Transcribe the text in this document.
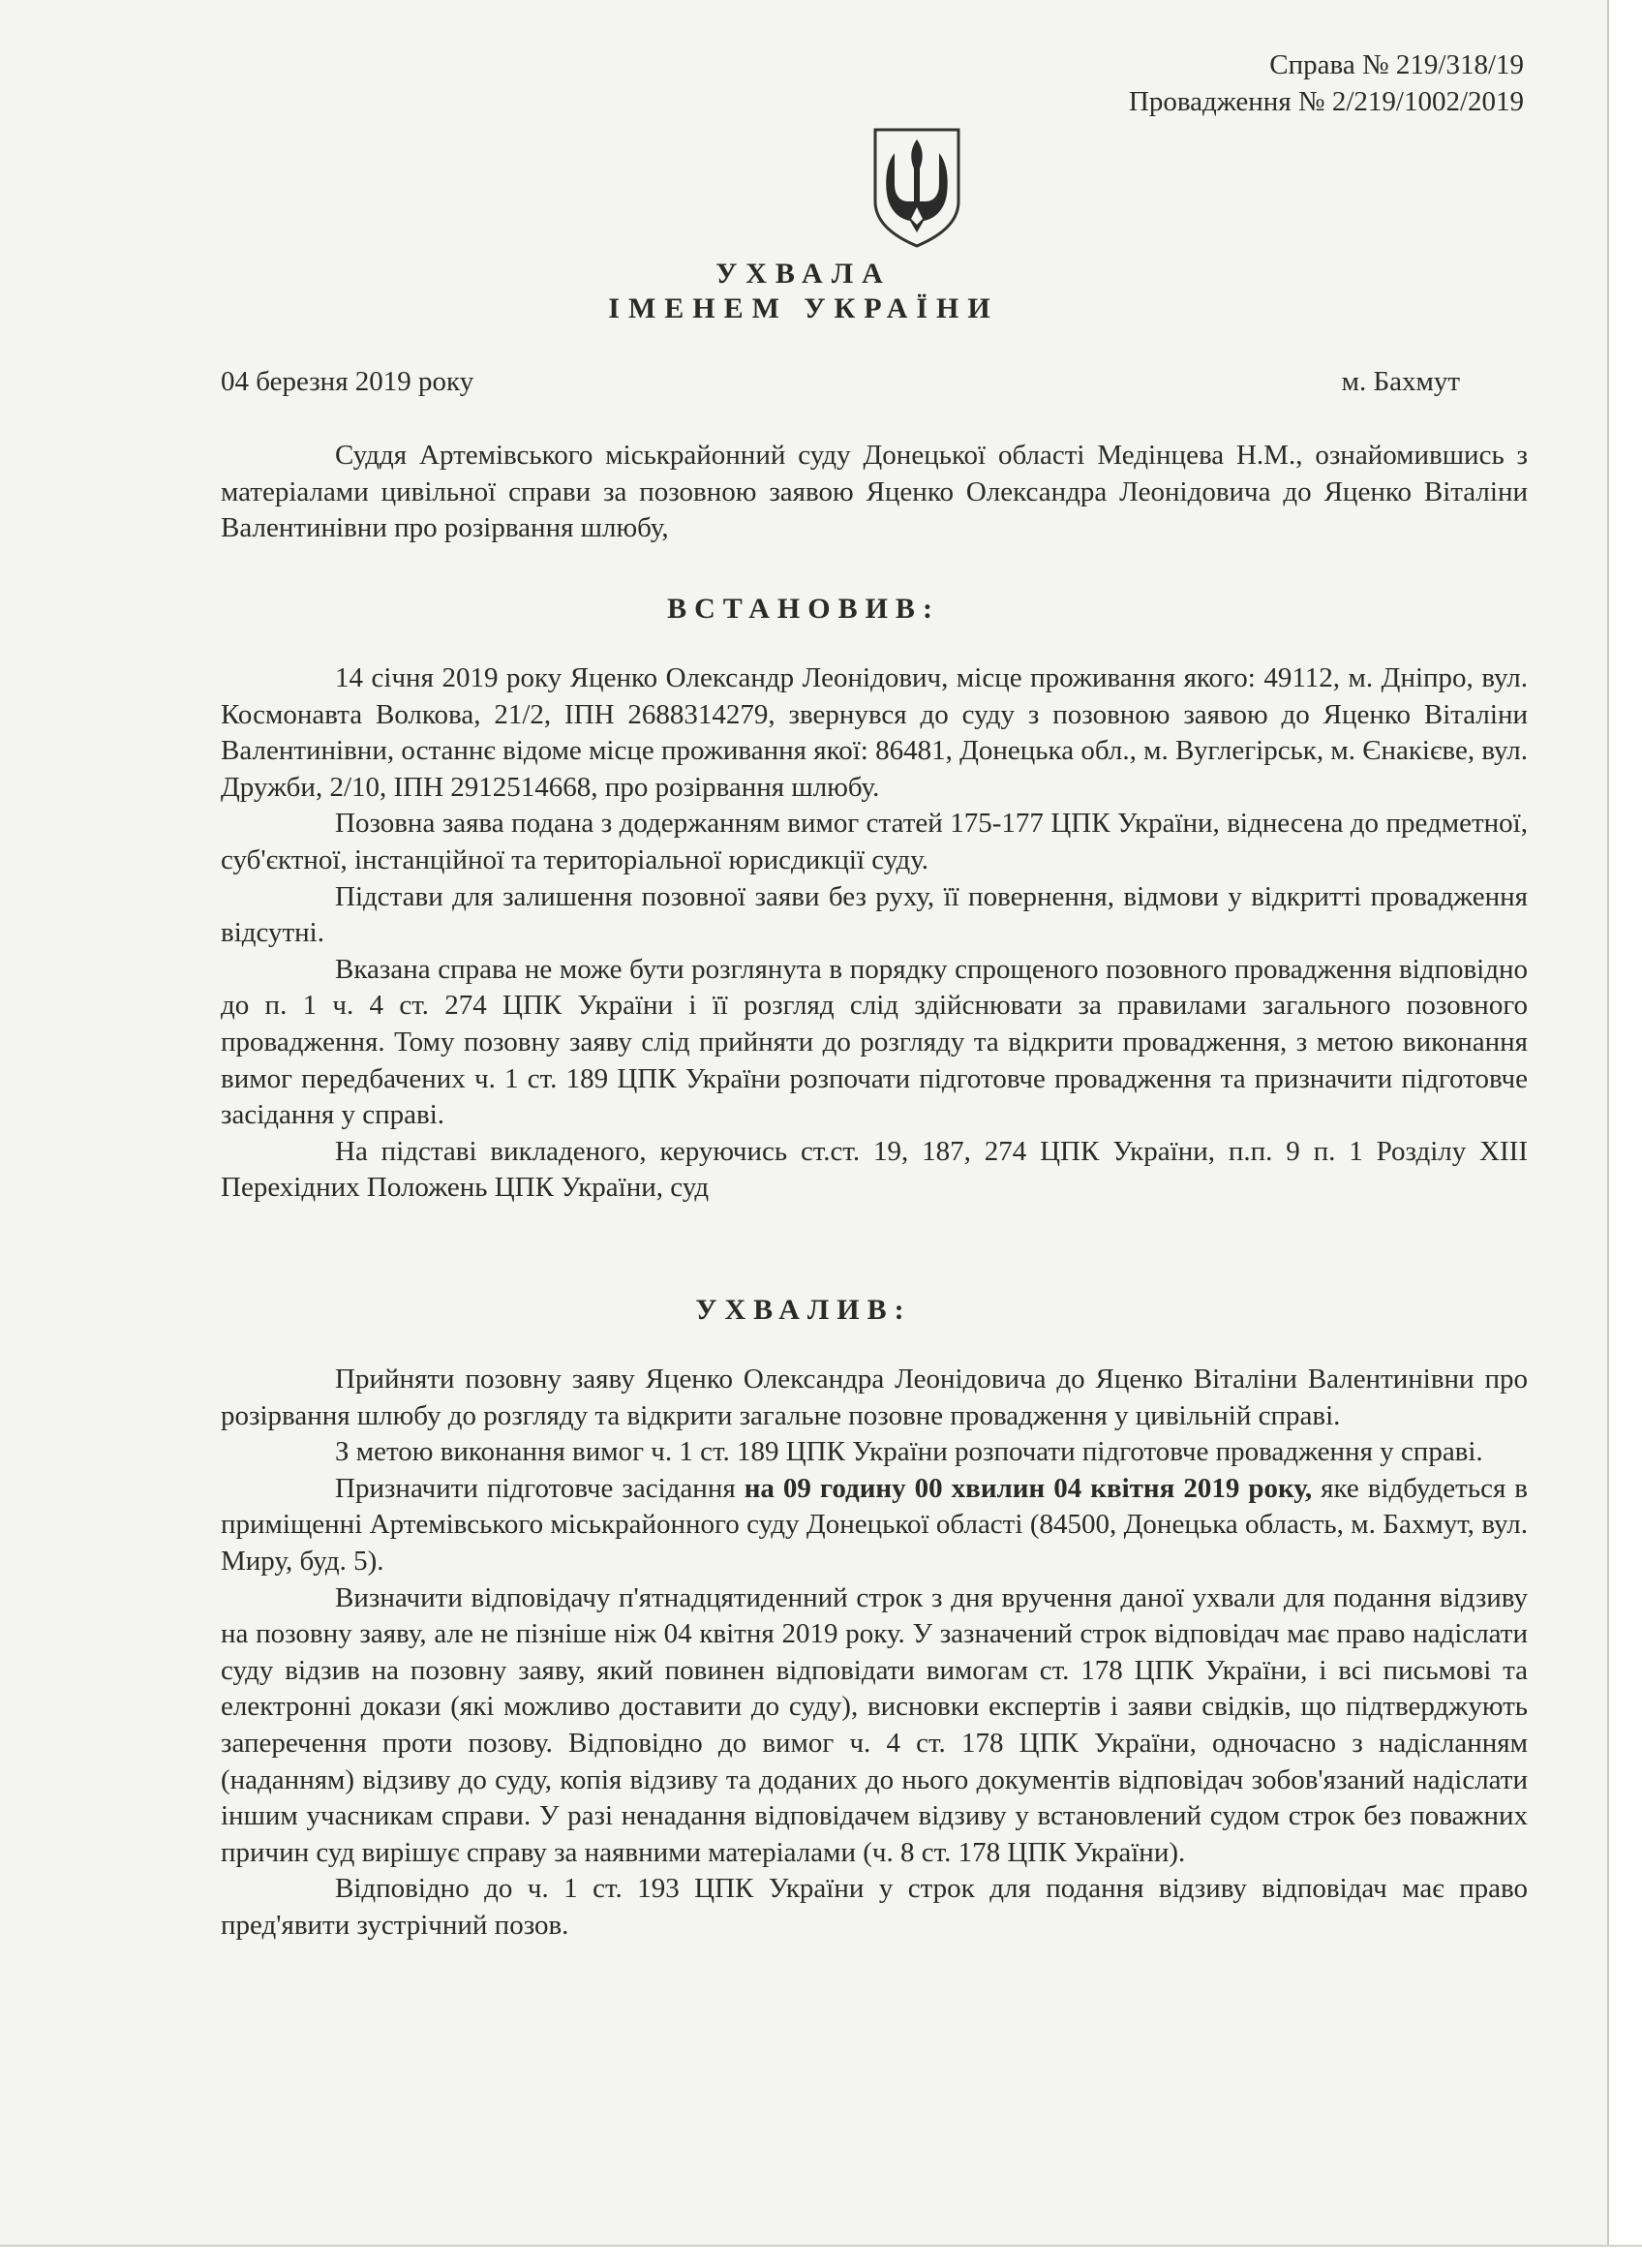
Справа № 219/318/19
Провадження № 2/219/1002/2019
УХВАЛА
ІМЕНЕМ УКРАЇНИ
04 березня 2019 року	м. Бахмут

Суддя Артемівського міськрайонний суду Донецької області Медінцева Н.М., ознайомившись з матеріалами цивільної справи за позовною заявою Яценко Олександра Леонідовича до Яценко Віталіни Валентинівни про розірвання шлюбу,

ВСТАНОВИВ:

14 січня 2019 року Яценко Олександр Леонідович, місце проживання якого: 49112, м. Дніпро, вул. Космонавта Волкова, 21/2, ІПН 2688314279, звернувся до суду з позовною заявою до Яценко Віталіни Валентинівни, останнє відоме місце проживання якої: 86481, Донецька обл., м. Вуглегірськ, м. Єнакієве, вул. Дружби, 2/10, ІПН 2912514668, про розірвання шлюбу.

Позовна заява подана з додержанням вимог статей 175-177 ЦПК України, віднесена до предметної, суб'єктної, інстанційної та територіальної юрисдикції суду.

Підстави для залишення позовної заяви без руху, її повернення, відмови у відкритті провадження відсутні.

Вказана справа не може бути розглянута в порядку спрощеного позовного провадження відповідно до п. 1 ч. 4 ст. 274 ЦПК України і її розгляд слід здійснювати за правилами загального позовного провадження. Тому позовну заяву слід прийняти до розгляду та відкрити провадження, з метою виконання вимог передбачених ч. 1 ст. 189 ЦПК України розпочати підготовче провадження та призначити підготовче засідання у справі.

На підставі викладеного, керуючись ст.ст. 19, 187, 274 ЦПК України, п.п. 9 п. 1 Розділу ХІІІ Перехідних Положень ЦПК України, суд

УХВАЛИВ:

Прийняти позовну заяву Яценко Олександра Леонідовича до Яценко Віталіни Валентинівни про розірвання шлюбу до розгляду та відкрити загальне позовне провадження у цивільній справі.

З метою виконання вимог ч. 1 ст. 189 ЦПК України розпочати підготовче провадження у справі.

Призначити підготовче засідання на 09 годину 00 хвилин 04 квітня 2019 року, яке відбудеться в приміщенні Артемівського міськрайонного суду Донецької області (84500, Донецька область, м. Бахмут, вул. Миру, буд. 5).

Визначити відповідачу п'ятнадцятиденний строк з дня вручення даної ухвали для подання відзиву на позовну заяву, але не пізніше ніж 04 квітня 2019 року. У зазначений строк відповідач має право надіслати суду відзив на позовну заяву, який повинен відповідати вимогам ст. 178 ЦПК України, і всі письмові та електронні докази (які можливо доставити до суду), висновки експертів і заяви свідків, що підтверджують заперечення проти позову. Відповідно до вимог ч. 4 ст. 178 ЦПК України, одночасно з надісланням (наданням) відзиву до суду, копія відзиву та доданих до нього документів відповідач зобов'язаний надіслати іншим учасникам справи. У разі ненадання відповідачем відзиву у встановлений судом строк без поважних причин суд вирішує справу за наявними матеріалами (ч. 8 ст. 178 ЦПК України).

Відповідно до ч. 1 ст. 193 ЦПК України у строк для подання відзиву відповідач має право пред'явити зустрічний позов.
